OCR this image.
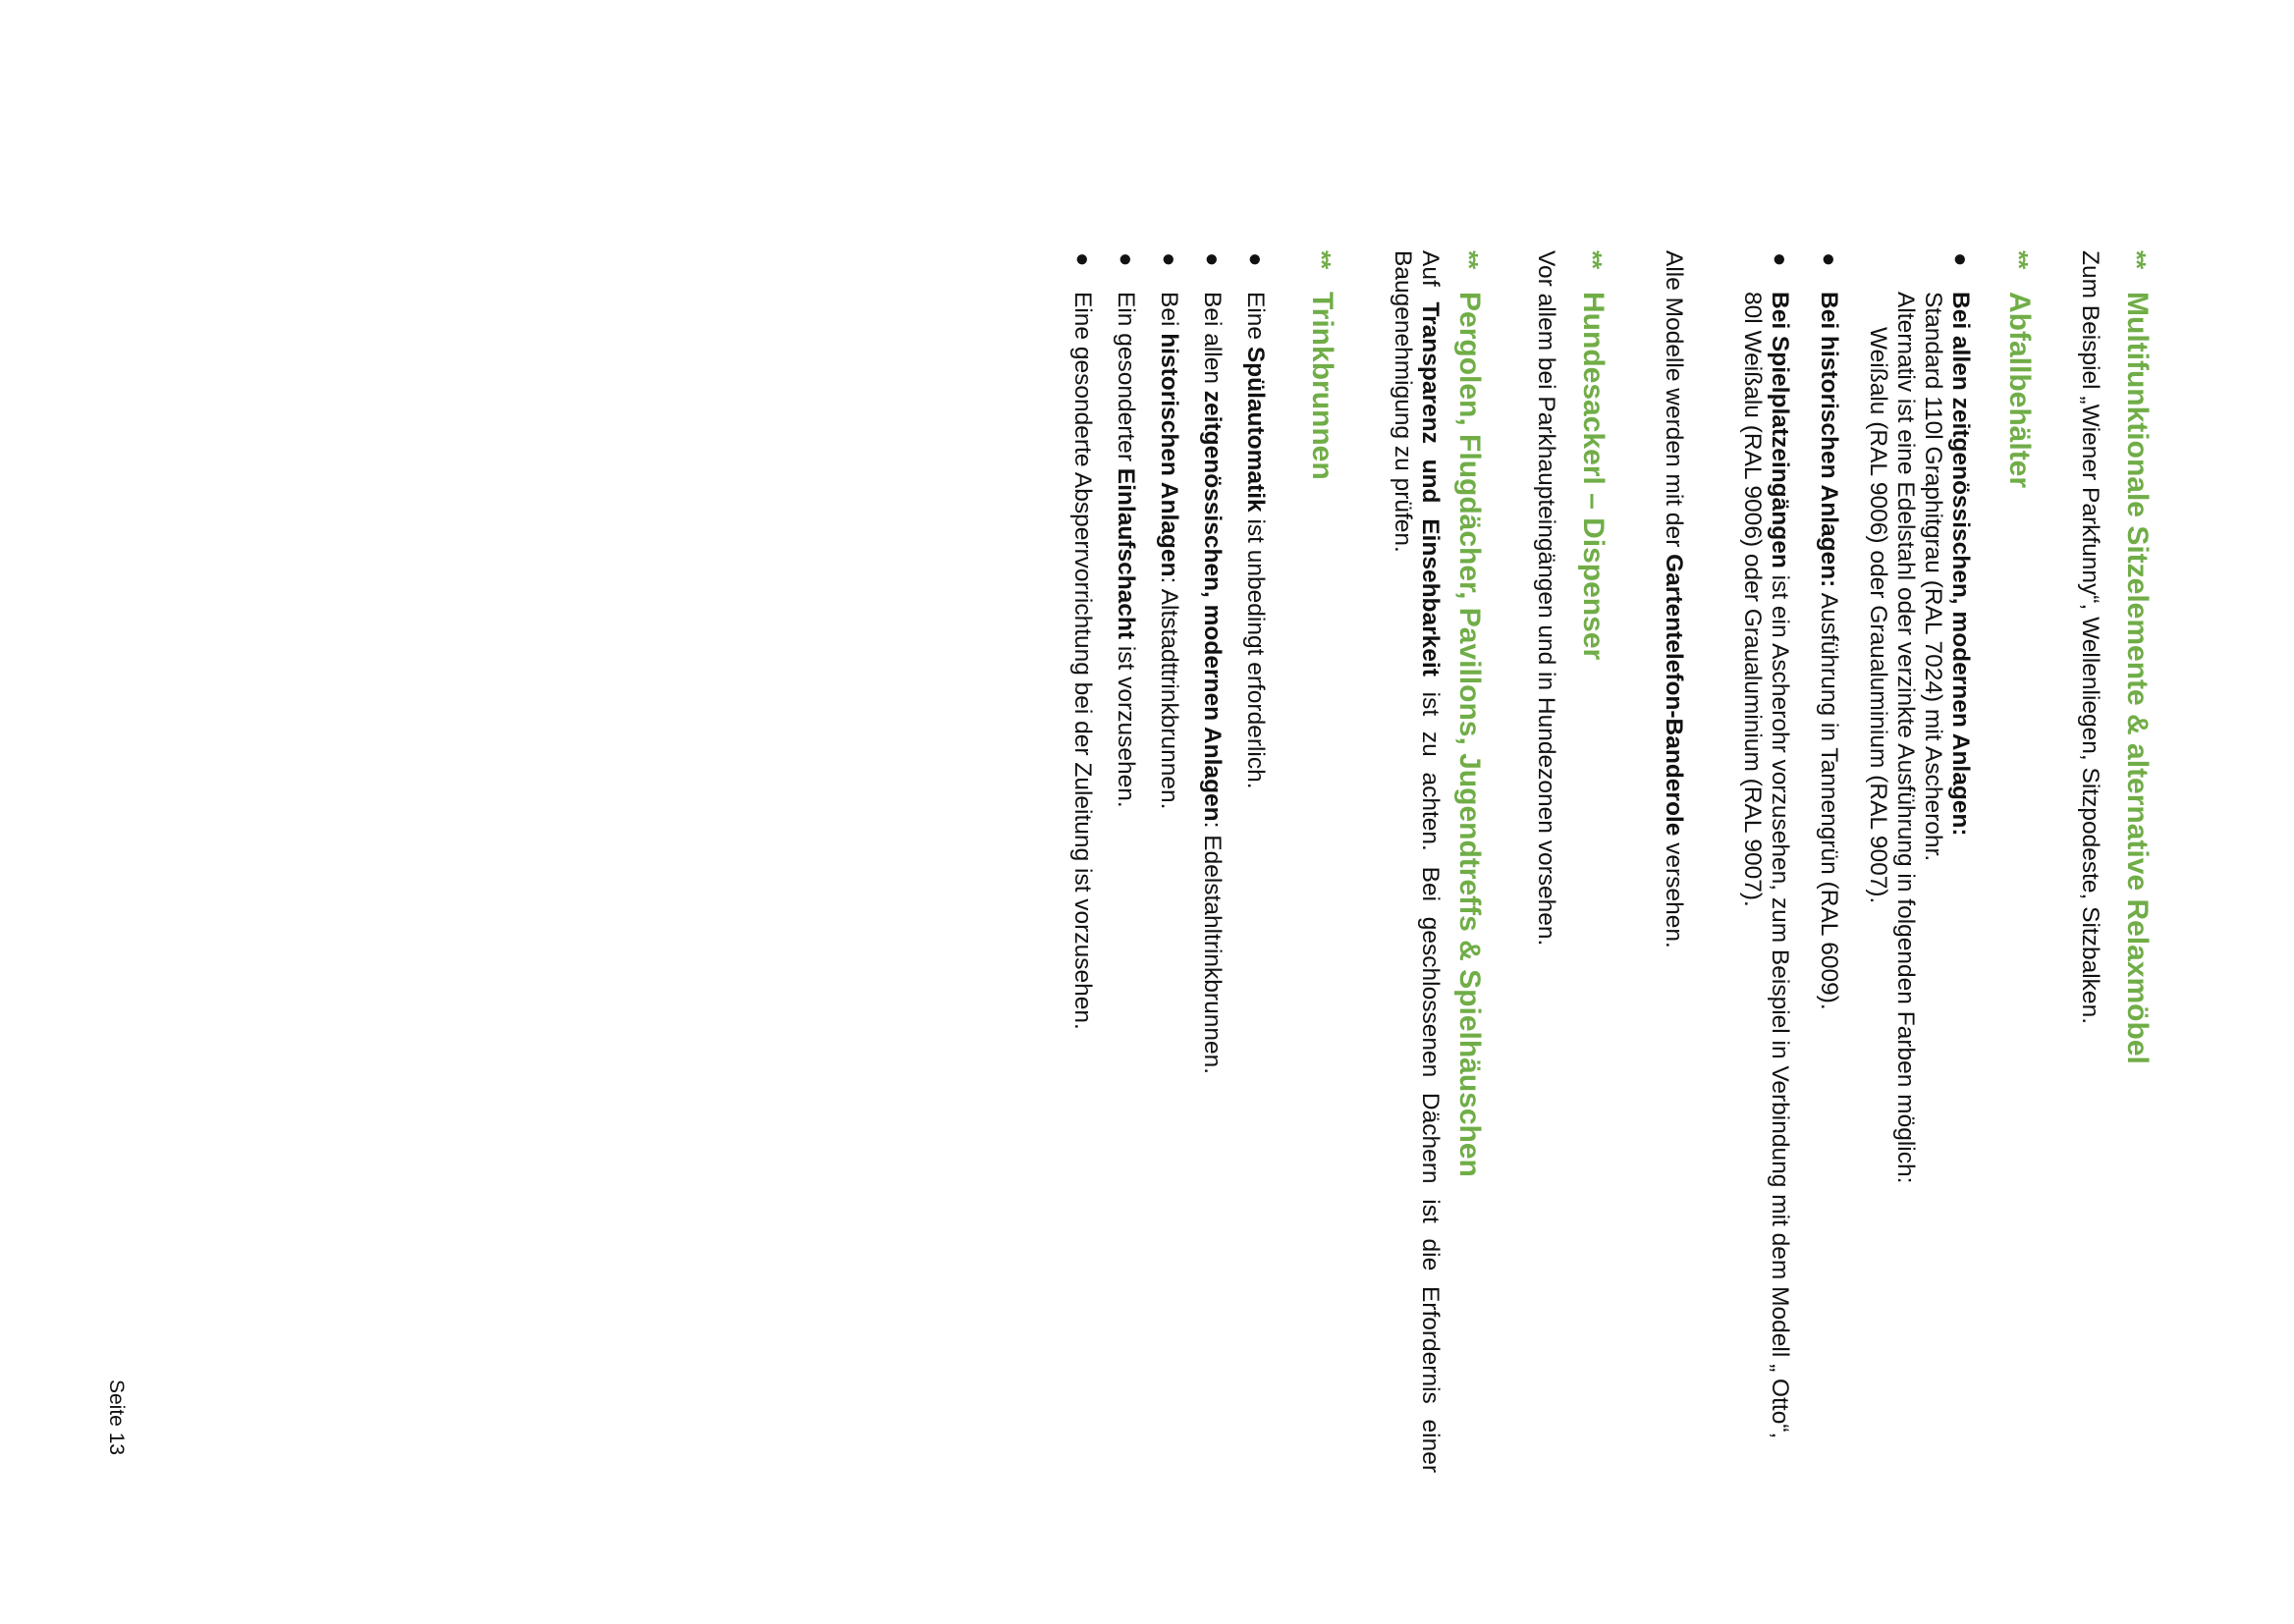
**
Multifunktionale Sitzelemente & alternative Relaxmöbel

Zum Beispiel „Wiener Parkfunny“, Wellenliegen, Sitzpodeste, Sitzbalken.

**
Abfallbehälter
●
Bei allen zeitgenössischen, modernen Anlagen:
Standard 110l Graphitgrau (RAL 7024) mit Ascherohr.
Alternativ ist eine Edelstahl oder verzinkte Ausführung in folgenden Farben möglich:
Weißalu (RAL 9006) oder Graualuminium (RAL 9007).
●
Bei historischen Anlagen: Ausführung in Tannengrün (RAL 6009).
●
Bei Spielplatzeingängen ist ein Ascherohr vorzusehen, zum Beispiel in Verbindung mit dem Modell „ Otto“, 80l Weißalu (RAL 9006) oder Graualuminium (RAL 9007).

Alle Modelle werden mit der Gartentelefon-Banderole versehen.

**
Hundesackerl – Dispenser

Vor allem bei Parkhaupteingängen und in Hundezonen vorsehen.

**
Pergolen, Flugdächer, Pavillons, Jugendtreffs & Spielhäuschen

Auf Transparenz und Einsehbarkeit ist zu achten. Bei geschlossenen Dächern ist die Erfordernis einer Baugenehmigung zu prüfen.

**
Trinkbrunnen
●
Eine Spülautomatik ist unbedingt erforderlich.
●
Bei allen zeitgenössischen, modernen Anlagen: Edelstahltrinkbrunnen.
●
Bei historischen Anlagen: Altstadttrinkbrunnen.
●
Ein gesonderter Einlaufschacht ist vorzusehen.
●
Eine gesonderte Absperrvorrichtung bei der Zuleitung ist vorzusehen.
Seite 13
